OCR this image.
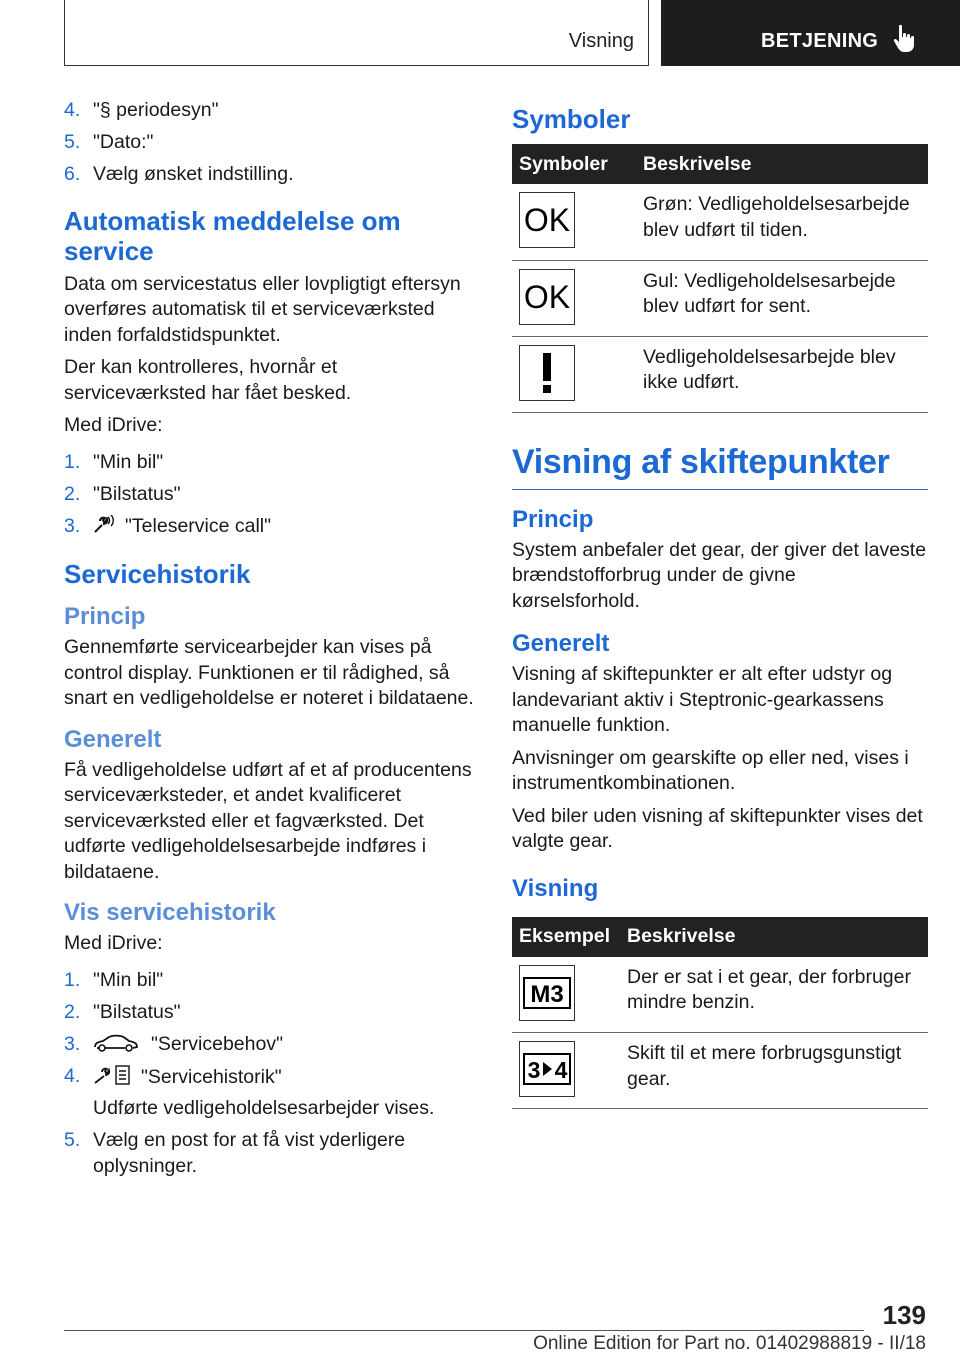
Visning	BETJENING
4. "§ periodesyn"
5. "Dato:"
6. Vælg ønsket indstilling.
Automatisk meddelelse om service

Data om servicestatus eller lovpligtigt eftersyn overføres automatisk til et serviceværksted inden forfaldstidspunktet.

Der kan kontrolleres, hvornår et serviceværksted har fået besked.

Med iDrive:

1. "Min bil"
2. "Bilstatus"
3. "Teleservice call"
Servicehistorik
Princip

Gennemførte servicearbejder kan vises på control display. Funktionen er til rådighed, så snart en vedligeholdelse er noteret i bildataene.

Generelt

Få vedligeholdelse udført af et af producentens serviceværksteder, et andet kvalificeret serviceværksted eller et fagværksted. Det udførte vedligeholdelsesarbejde indføres i bildataene.

Vis servicehistorik

Med iDrive:

1. "Min bil"
2. "Bilstatus"
3.	"Servicebehov"
4.	"Servicehistorik"
Udførte vedligeholdelsesarbejder vises.
5. Vælg en post for at få vist yderligere oplysninger.
Symboler
Symboler	Beskrivelse

OK	Grøn: Vedligeholdelsesarbejde blev udført til tiden.

OK	Gul: Vedligeholdelsesarbejde blev udført for sent.

	Vedligeholdelsesarbejde blev ikke udført.
Visning af skiftepunkter
Princip

System anbefaler det gear, der giver det laveste brændstofforbrug under de givne kørselsforhold.

Generelt

Visning af skiftepunkter er alt efter udstyr og landevariant aktiv i Steptronic-gearkassens manuelle funktion.

Anvisninger om gearskifte op eller ned, vises i instrumentkombinationen.

Ved biler uden visning af skiftepunkter vises det valgte gear.

Visning
Eksempel	Beskrivelse

M3	Der er sat i et gear, der forbruger mindre benzin.

3 4	Skift til et mere forbrugsgunstigt gear.
139
Online Edition for Part no. 01402988819 - II/18
